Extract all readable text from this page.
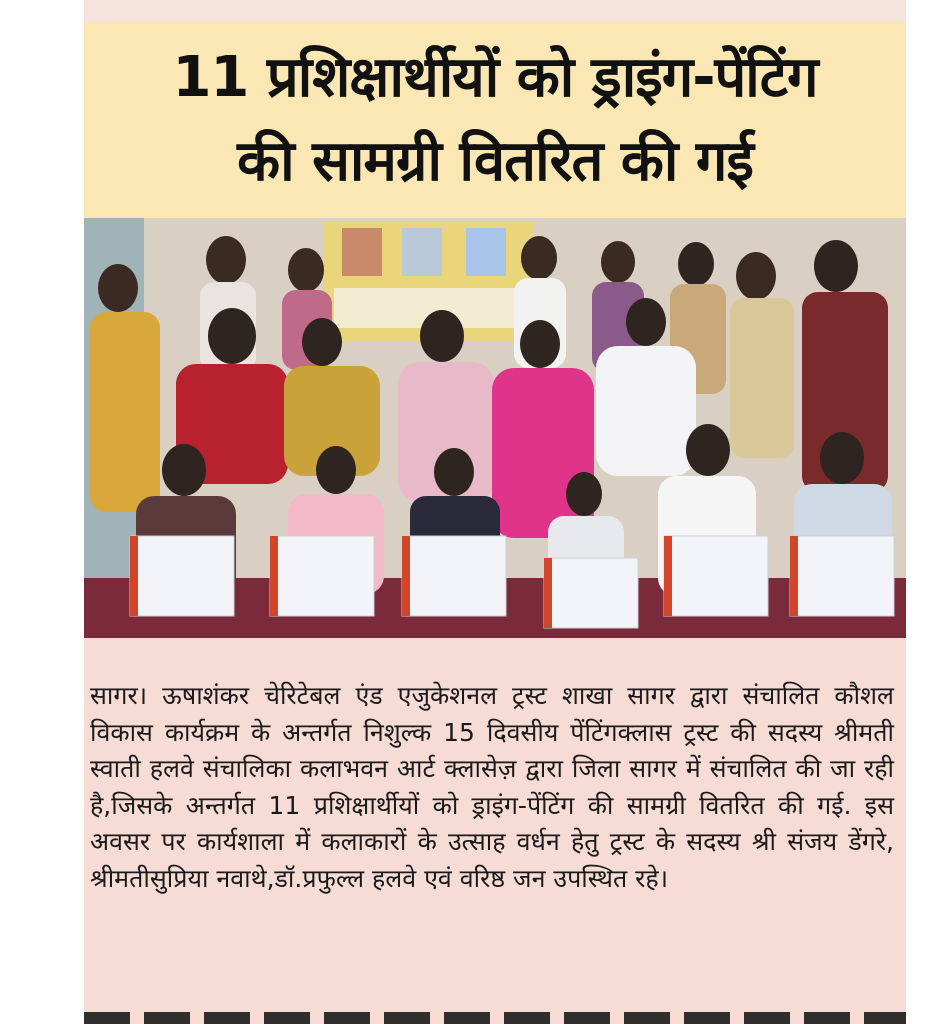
11 प्रशिक्षार्थीयों को ड्राइंग-पेंटिंग
की सामग्री वितरित की गई

सागर। ऊषाशंकर चेरिटेबल एंड एजुकेशनल ट्रस्ट शाखा सागर द्वारा संचालित कौशल विकास कार्यक्रम के अन्तर्गत निशुल्क 15 दिवसीय पेंटिंगक्लास ट्रस्ट की सदस्य श्रीमती स्वाती हलवे संचालिका कलाभवन आर्ट क्लासेज़ द्वारा जिला सागर में संचालित की जा रही है,जिसके अन्तर्गत 11 प्रशिक्षार्थीयों को ड्राइंग-पेंटिंग की सामग्री वितरित की गई. इस अवसर पर कार्यशाला में कलाकारों के उत्साह वर्धन हेतु ट्रस्ट के सदस्य श्री संजय डेंगरे, श्रीमतीसुप्रिया नवाथे,डॉ.प्रफुल्ल हलवे एवं वरिष्ठ जन उपस्थित रहे।
